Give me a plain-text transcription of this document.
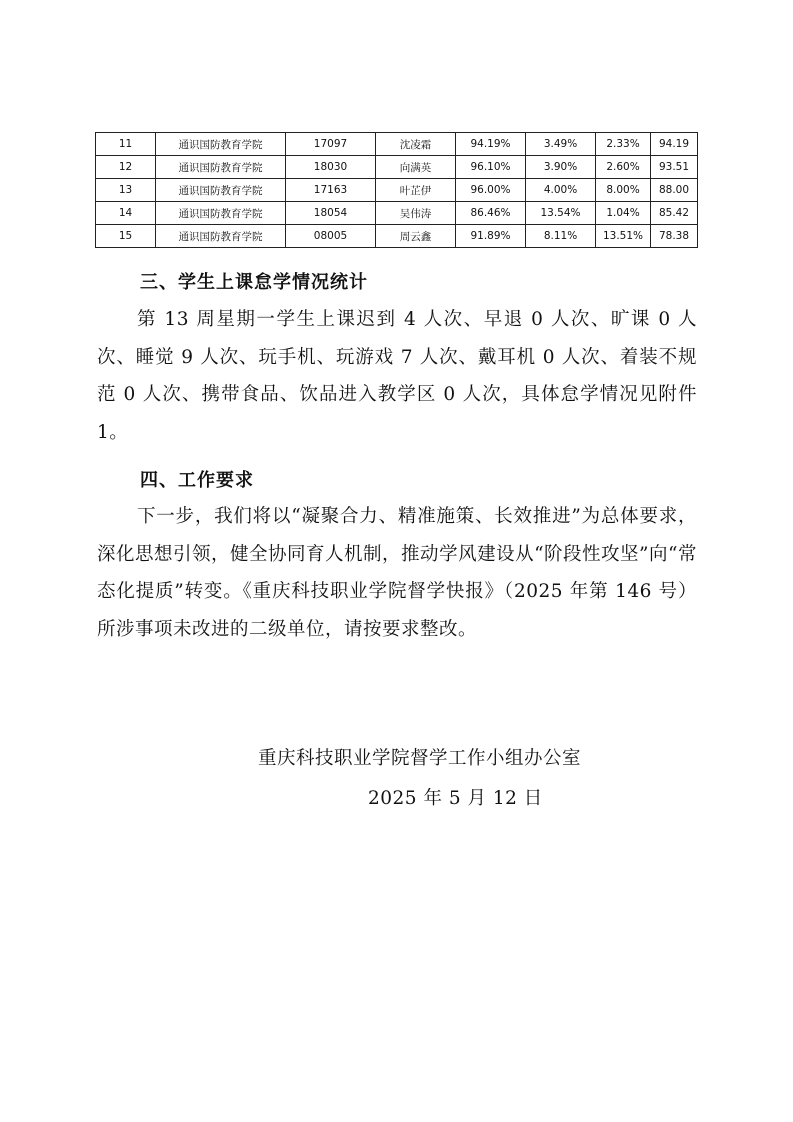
11	通识国防教育学院	17097	沈凌霜	94.19%	3.49%	2.33%	94.19
12	通识国防教育学院	18030	向满英	96.10%	3.90%	2.60%	93.51
13	通识国防教育学院	17163	叶芷伊	96.00%	4.00%	8.00%	88.00
14	通识国防教育学院	18054	吴伟涛	86.46%	13.54%	1.04%	85.42
15	通识国防教育学院	08005	周云鑫	91.89%	8.11%	13.51%	78.38
三、学生上课怠学情况统计
第 13 周星期一学生上课迟到 4 人次、早退 0 人次、旷课 0 人次、睡觉 9 人次、玩手机、玩游戏 7 人次、戴耳机 0 人次、着装不规范 0 人次、携带食品、饮品进入教学区 0 人次，具体怠学情况见附件 1。
四、工作要求
下一步，我们将以“凝聚合力、精准施策、长效推进”为总体要求，深化思想引领，健全协同育人机制，推动学风建设从“阶段性攻坚”向“常态化提质”转变。《重庆科技职业学院督学快报》（2025 年第 146 号）所涉事项未改进的二级单位，请按要求整改。
重庆科技职业学院督学工作小组办公室
2025 年 5 月 12 日
